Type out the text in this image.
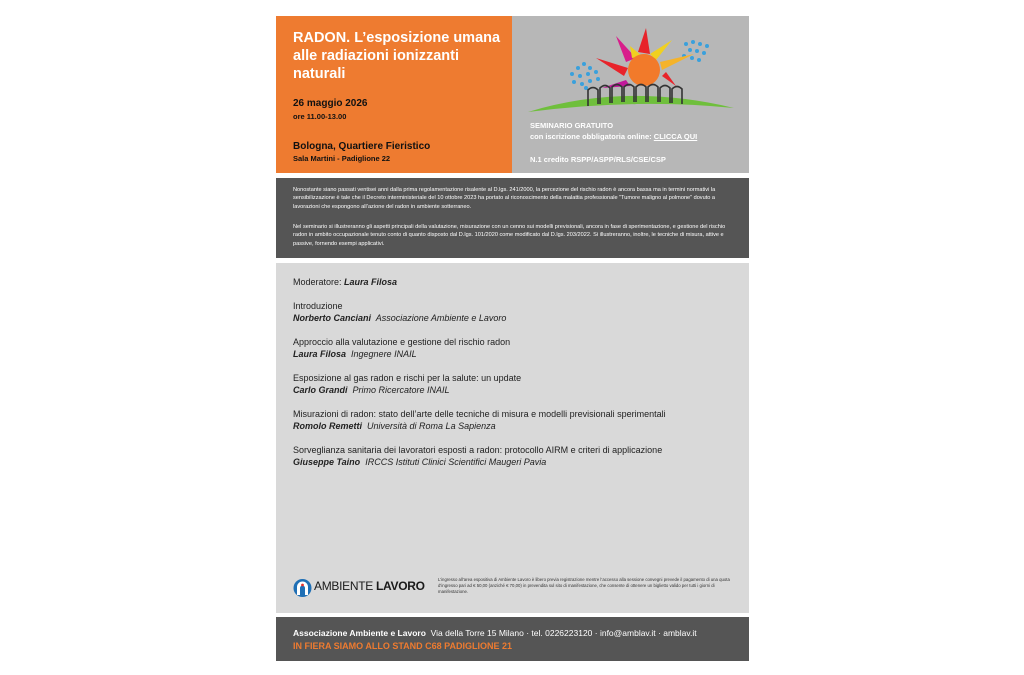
RADON. L’esposizione umana alle radiazioni ionizzanti naturali
26 maggio 2026
ore 11.00-13.00
Bologna, Quartiere Fieristico
Sala Martini - Padiglione 22
SEMINARIO GRATUITO
con iscrizione obbligatoria online: CLICCA QUI
N.1 credito RSPP/ASPP/RLS/CSE/CSP

Nonostante siano passati ventisei anni dalla prima regolamentazione risalente al D.lgs. 241/2000, la percezione del rischio radon è ancora bassa ma in termini normativi la sensibilizzazione è tale che il Decreto interministeriale del 10 ottobre 2023 ha portato al riconoscimento della malattia professionale “Tumore maligno al polmone” dovuto a lavorazioni che espongono all’azione del radon in ambiente sotterraneo.

Nel seminario si illustreranno gli aspetti principali della valutazione, misurazione con un cenno sui modelli previsionali, ancora in fase di sperimentazione, e gestione del rischio radon in ambito occupazionale tenuto conto di quanto disposto dal D.lgs. 101/2020 come modificato dal D.lgs. 203/2022. Si illustreranno, inoltre, le tecniche di misura, attive e passive, fornendo esempi applicativi.

Moderatore: Laura Filosa
Introduzione
Norberto Canciani Associazione Ambiente e Lavoro
Approccio alla valutazione e gestione del rischio radon
Laura Filosa Ingegnere INAIL
Esposizione al gas radon e rischi per la salute: un update
Carlo Grandi Primo Ricercatore INAIL
Misurazioni di radon: stato dell’arte delle tecniche di misura e modelli previsionali sperimentali
Romolo Remetti Università di Roma La Sapienza
Sorveglianza sanitaria dei lavoratori esposti a radon: protocollo AIRM e criteri di applicazione
Giuseppe Taino IRCCS Istituti Clinici Scientifici Maugeri Pavia
AMBIENTE LAVORO	L’ingresso all’area espositiva di Ambiente Lavoro è libero previa registrazione mentre l’accesso alla sessione convegni prevede il pagamento di una quota d’ingresso pari ad € 50,00 (anziché € 70,00) in prevendita sul sito di manifestazione, che consente di ottenere un biglietto valido per tutti i giorni di manifestazione.

Associazione Ambiente e Lavoro Via della Torre 15 Milano · tel. 0226223120 · info@amblav.it · amblav.it
IN FIERA SIAMO ALLO STAND C68 PADIGLIONE 21
